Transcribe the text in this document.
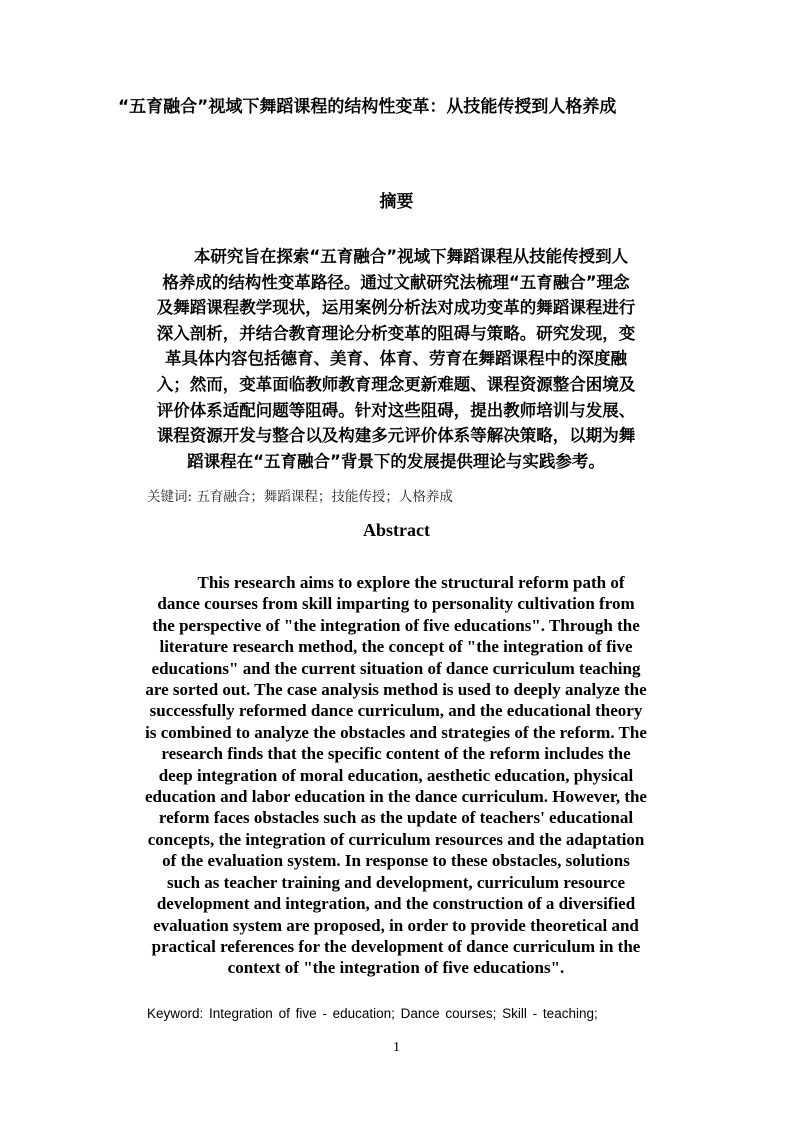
“五育融合”视域下舞蹈课程的结构性变革：从技能传授到人格养成
摘要
本研究旨在探索“五育融合”视域下舞蹈课程从技能传授到人
格养成的结构性变革路径。通过文献研究法梳理“五育融合”理念
及舞蹈课程教学现状，运用案例分析法对成功变革的舞蹈课程进行
深入剖析，并结合教育理论分析变革的阻碍与策略。研究发现，变
革具体内容包括德育、美育、体育、劳育在舞蹈课程中的深度融
入；然而，变革面临教师教育理念更新难题、课程资源整合困境及
评价体系适配问题等阻碍。针对这些阻碍，提出教师培训与发展、
课程资源开发与整合以及构建多元评价体系等解决策略，以期为舞
蹈课程在“五育融合”背景下的发展提供理论与实践参考。

关键词: 五育融合；舞蹈课程；技能传授；人格养成

Abstract
This research aims to explore the structural reform path of
dance courses from skill imparting to personality cultivation from
the perspective of "the integration of five educations". Through the
literature research method, the concept of "the integration of five
educations" and the current situation of dance curriculum teaching
are sorted out. The case analysis method is used to deeply analyze the
successfully reformed dance curriculum, and the educational theory
is combined to analyze the obstacles and strategies of the reform. The
research finds that the specific content of the reform includes the
deep integration of moral education, aesthetic education, physical
education and labor education in the dance curriculum. However, the
reform faces obstacles such as the update of teachers' educational
concepts, the integration of curriculum resources and the adaptation
of the evaluation system. In response to these obstacles, solutions
such as teacher training and development, curriculum resource
development and integration, and the construction of a diversified
evaluation system are proposed, in order to provide theoretical and
practical references for the development of dance curriculum in the
context of "the integration of five educations".

Keyword: Integration of five - education; Dance courses; Skill - teaching;

1
